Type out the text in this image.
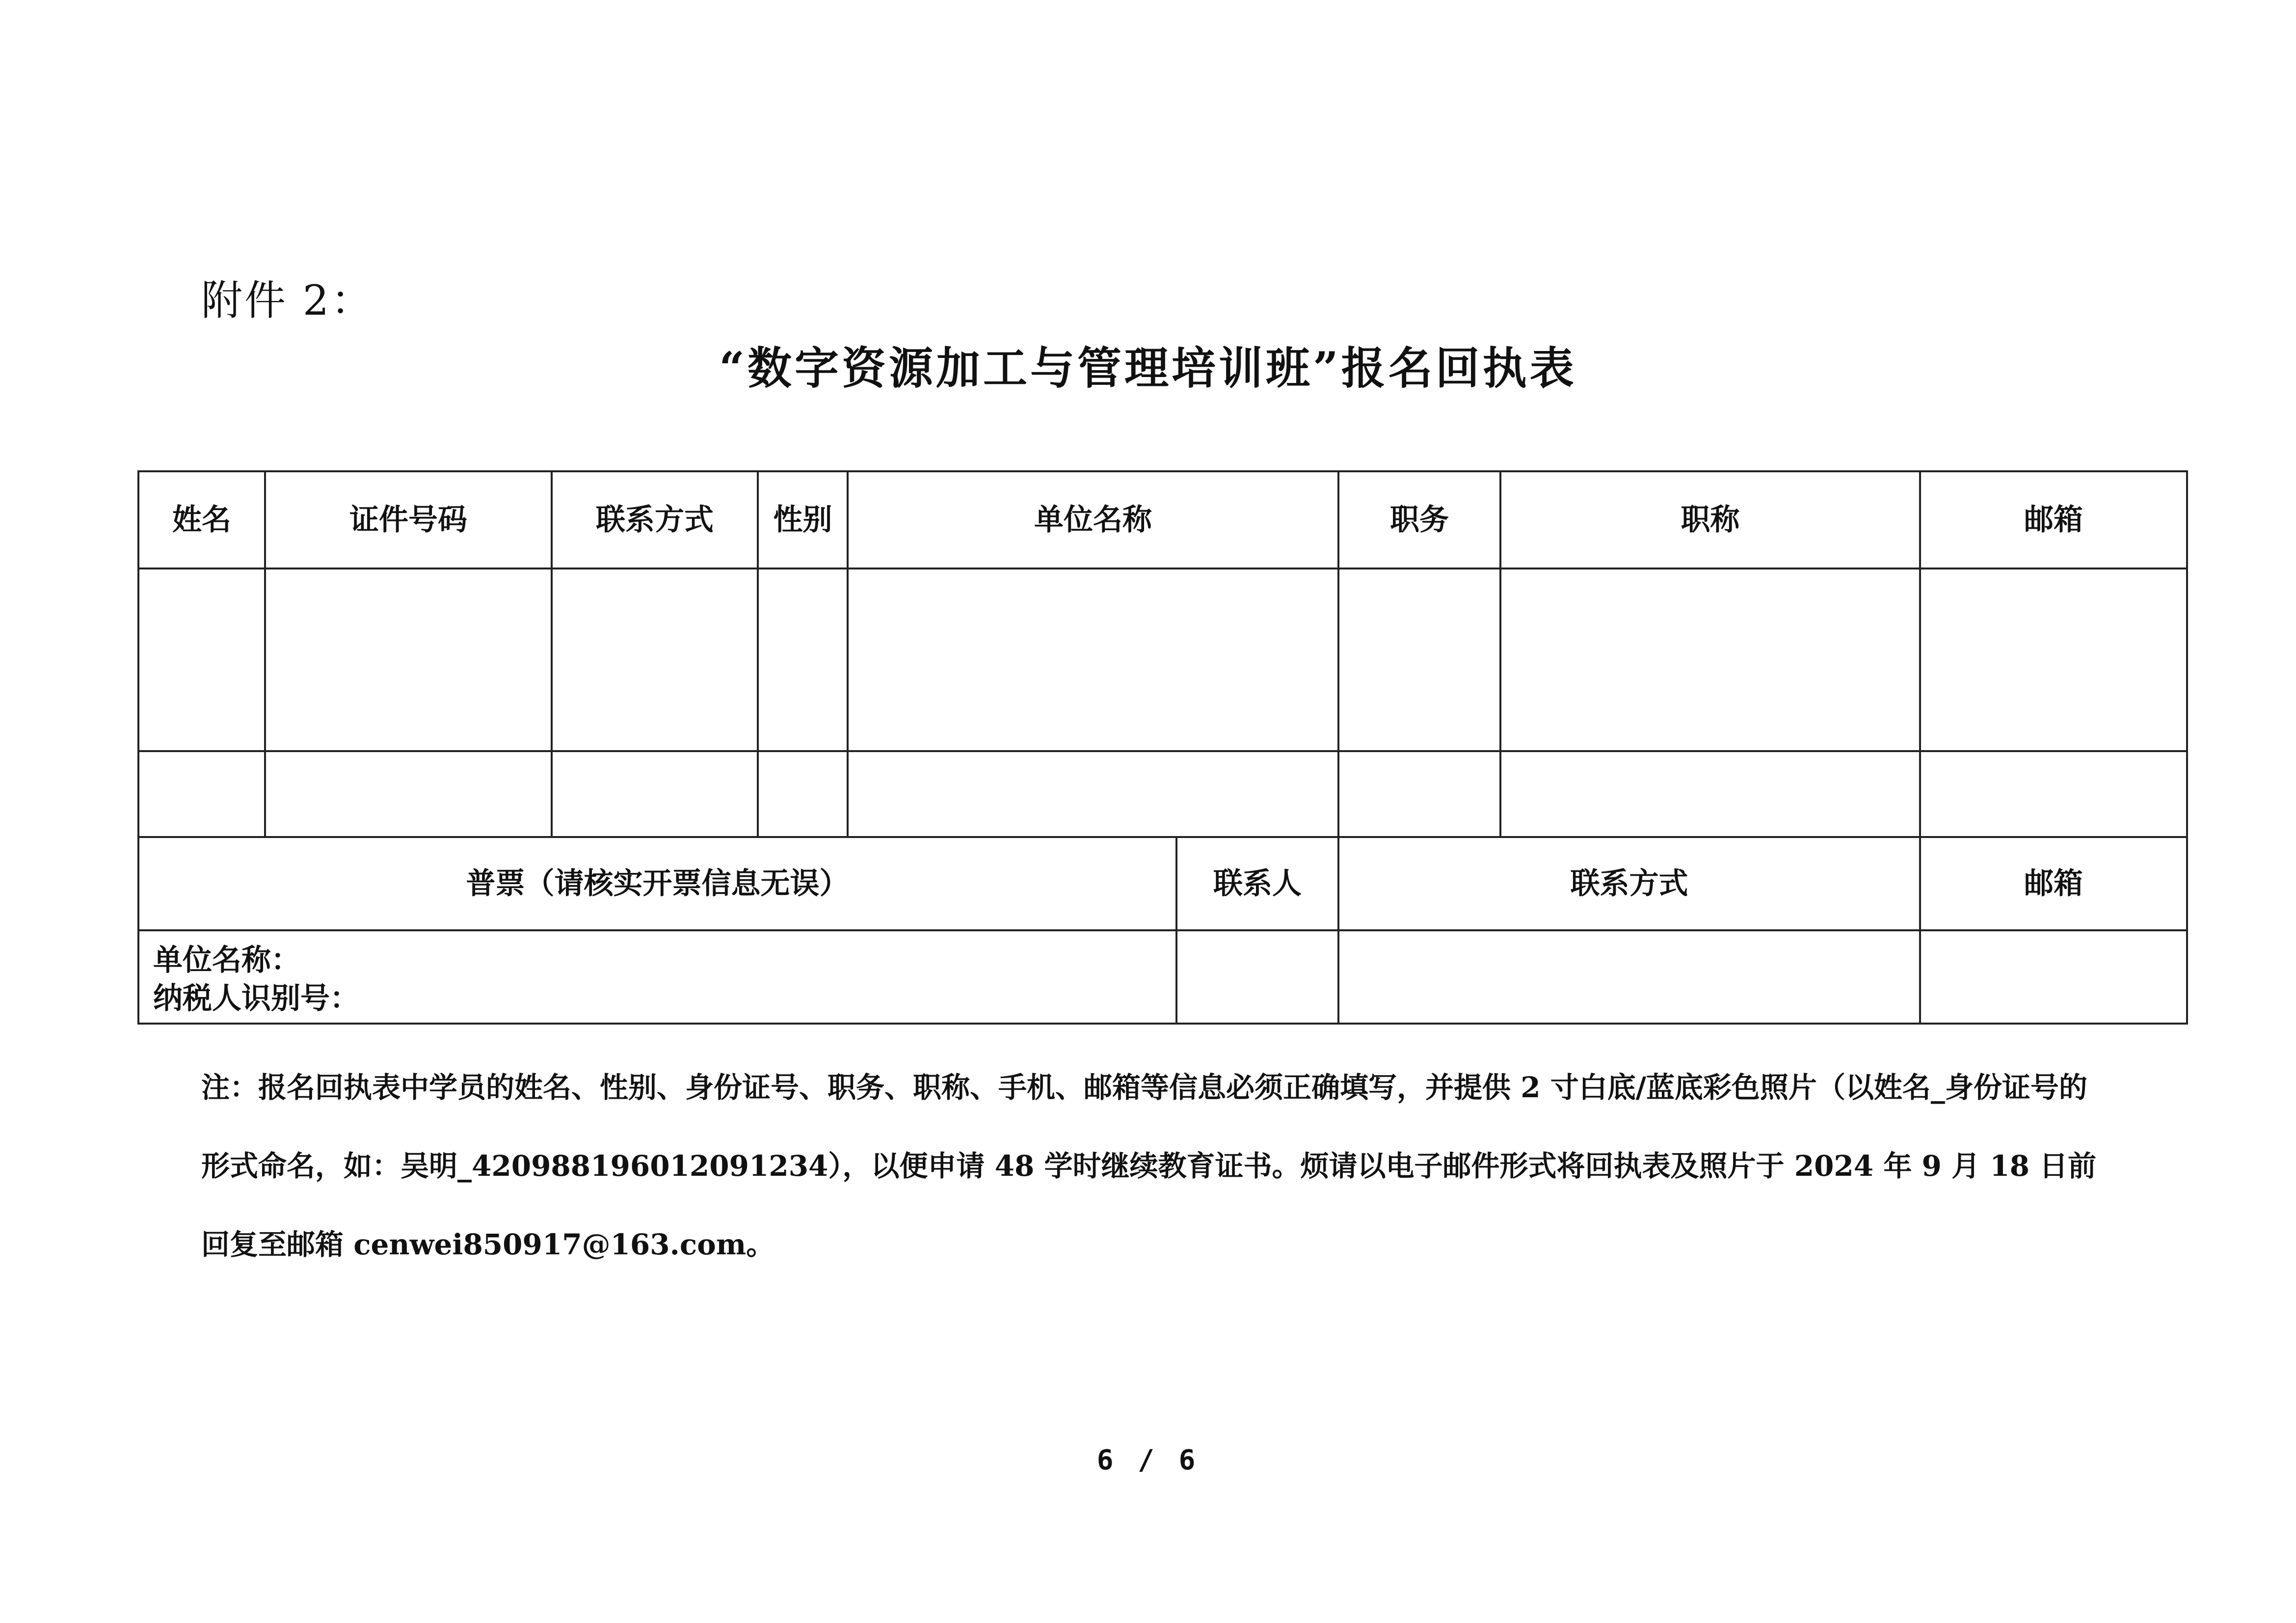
附件 2：
“数字资源加工与管理培训班”报名回执表
姓名	证件号码	联系方式	性别	单位名称		职务	职称	邮箱

普票（请核实开票信息无误）					联系人	联系方式		邮箱

单位名称：
纳税人识别号：								

注：报名回执表中学员的姓名、性别、身份证号、职务、职称、手机、邮箱等信息必须正确填写，并提供 2 寸白底/蓝底彩色照片（以姓名_身份证号的形式命名，如：吴明_420988196012091234），以便申请 48 学时继续教育证书。烦请以电子邮件形式将回执表及照片于 2024 年 9 月 18 日前回复至邮箱 cenwei850917@163.com。

6 / 6
